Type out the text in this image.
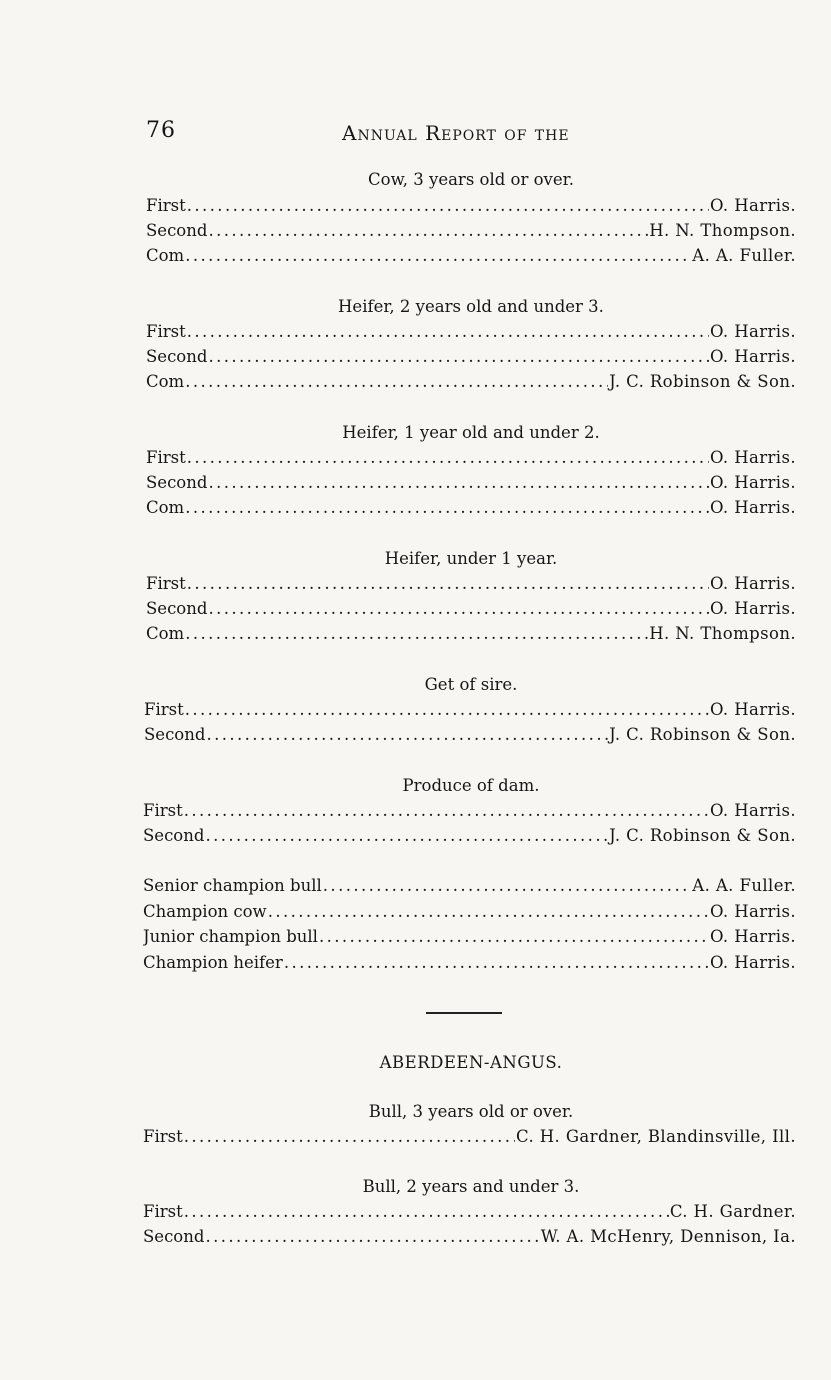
76	Annual Report of the
Cow, 3 years old or over.
First .....	O. Harris.
Second .....	H. N. Thompson.
Com .....	A. A. Fuller.
Heifer, 2 years old and under 3.
First .....	O. Harris.
Second .....	O. Harris.
Com .....	J. C. Robinson & Son.
Heifer, 1 year old and under 2.
First .....	O. Harris.
Second .....	O. Harris.
Com .....	O. Harris.
Heifer, under 1 year.
First .....	O. Harris.
Second .....	O. Harris.
Com .....	H. N. Thompson.
Get of sire.
First .....	O. Harris.
Second .....	J. C. Robinson & Son.
Produce of dam.
First .....	O. Harris.
Second .....	J. C. Robinson & Son.
Senior champion bull .....	A. A. Fuller.
Champion cow .....	O. Harris.
Junior champion bull .....	O. Harris.
Champion heifer .....	O. Harris.
ABERDEEN-ANGUS.
Bull, 3 years old or over.
First .....	C. H. Gardner, Blandinsville, Ill.
Bull, 2 years and under 3.
First .....	C. H. Gardner.
Second .....	W. A. McHenry, Dennison, Ia.
